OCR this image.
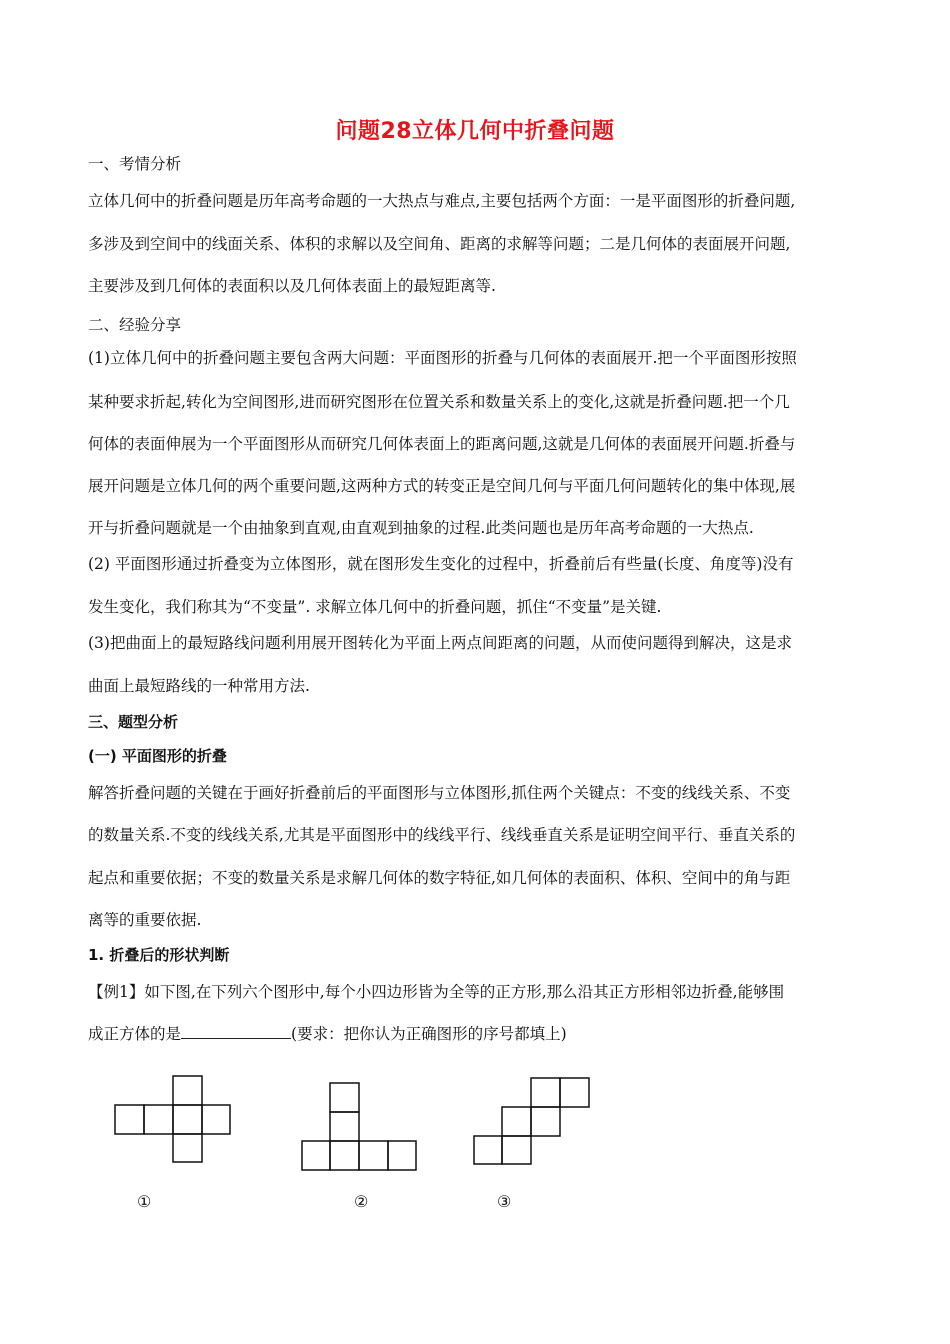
问题28立体几何中折叠问题
一、考情分析
立体几何中的折叠问题是历年高考命题的一大热点与难点,主要包括两个方面：一是平面图形的折叠问题,
多涉及到空间中的线面关系、体积的求解以及空间角、距离的求解等问题；二是几何体的表面展开问题,
主要涉及到几何体的表面积以及几何体表面上的最短距离等.
二、经验分享
(1)立体几何中的折叠问题主要包含两大问题：平面图形的折叠与几何体的表面展开.把一个平面图形按照
某种要求折起,转化为空间图形,进而研究图形在位置关系和数量关系上的变化,这就是折叠问题.把一个几
何体的表面伸展为一个平面图形从而研究几何体表面上的距离问题,这就是几何体的表面展开问题.折叠与
展开问题是立体几何的两个重要问题,这两种方式的转变正是空间几何与平面几何问题转化的集中体现,展
开与折叠问题就是一个由抽象到直观,由直观到抽象的过程.此类问题也是历年高考命题的一大热点.
(2) 平面图形通过折叠变为立体图形，就在图形发生变化的过程中，折叠前后有些量(长度、角度等)没有
发生变化，我们称其为“不变量”. 求解立体几何中的折叠问题，抓住“不变量”是关键.
(3)把曲面上的最短路线问题利用展开图转化为平面上两点间距离的问题，从而使问题得到解决，这是求
曲面上最短路线的一种常用方法.
三、题型分析
(一) 平面图形的折叠
解答折叠问题的关键在于画好折叠前后的平面图形与立体图形,抓住两个关键点：不变的线线关系、不变
的数量关系.不变的线线关系,尤其是平面图形中的线线平行、线线垂直关系是证明空间平行、垂直关系的
起点和重要依据；不变的数量关系是求解几何体的数字特征,如几何体的表面积、体积、空间中的角与距
离等的重要依据.
1. 折叠后的形状判断
【例1】如下图,在下列六个图形中,每个小四边形皆为全等的正方形,那么沿其正方形相邻边折叠,能够围
成正方体的是	(要求：把你认为正确图形的序号都填上)
①	②	③
